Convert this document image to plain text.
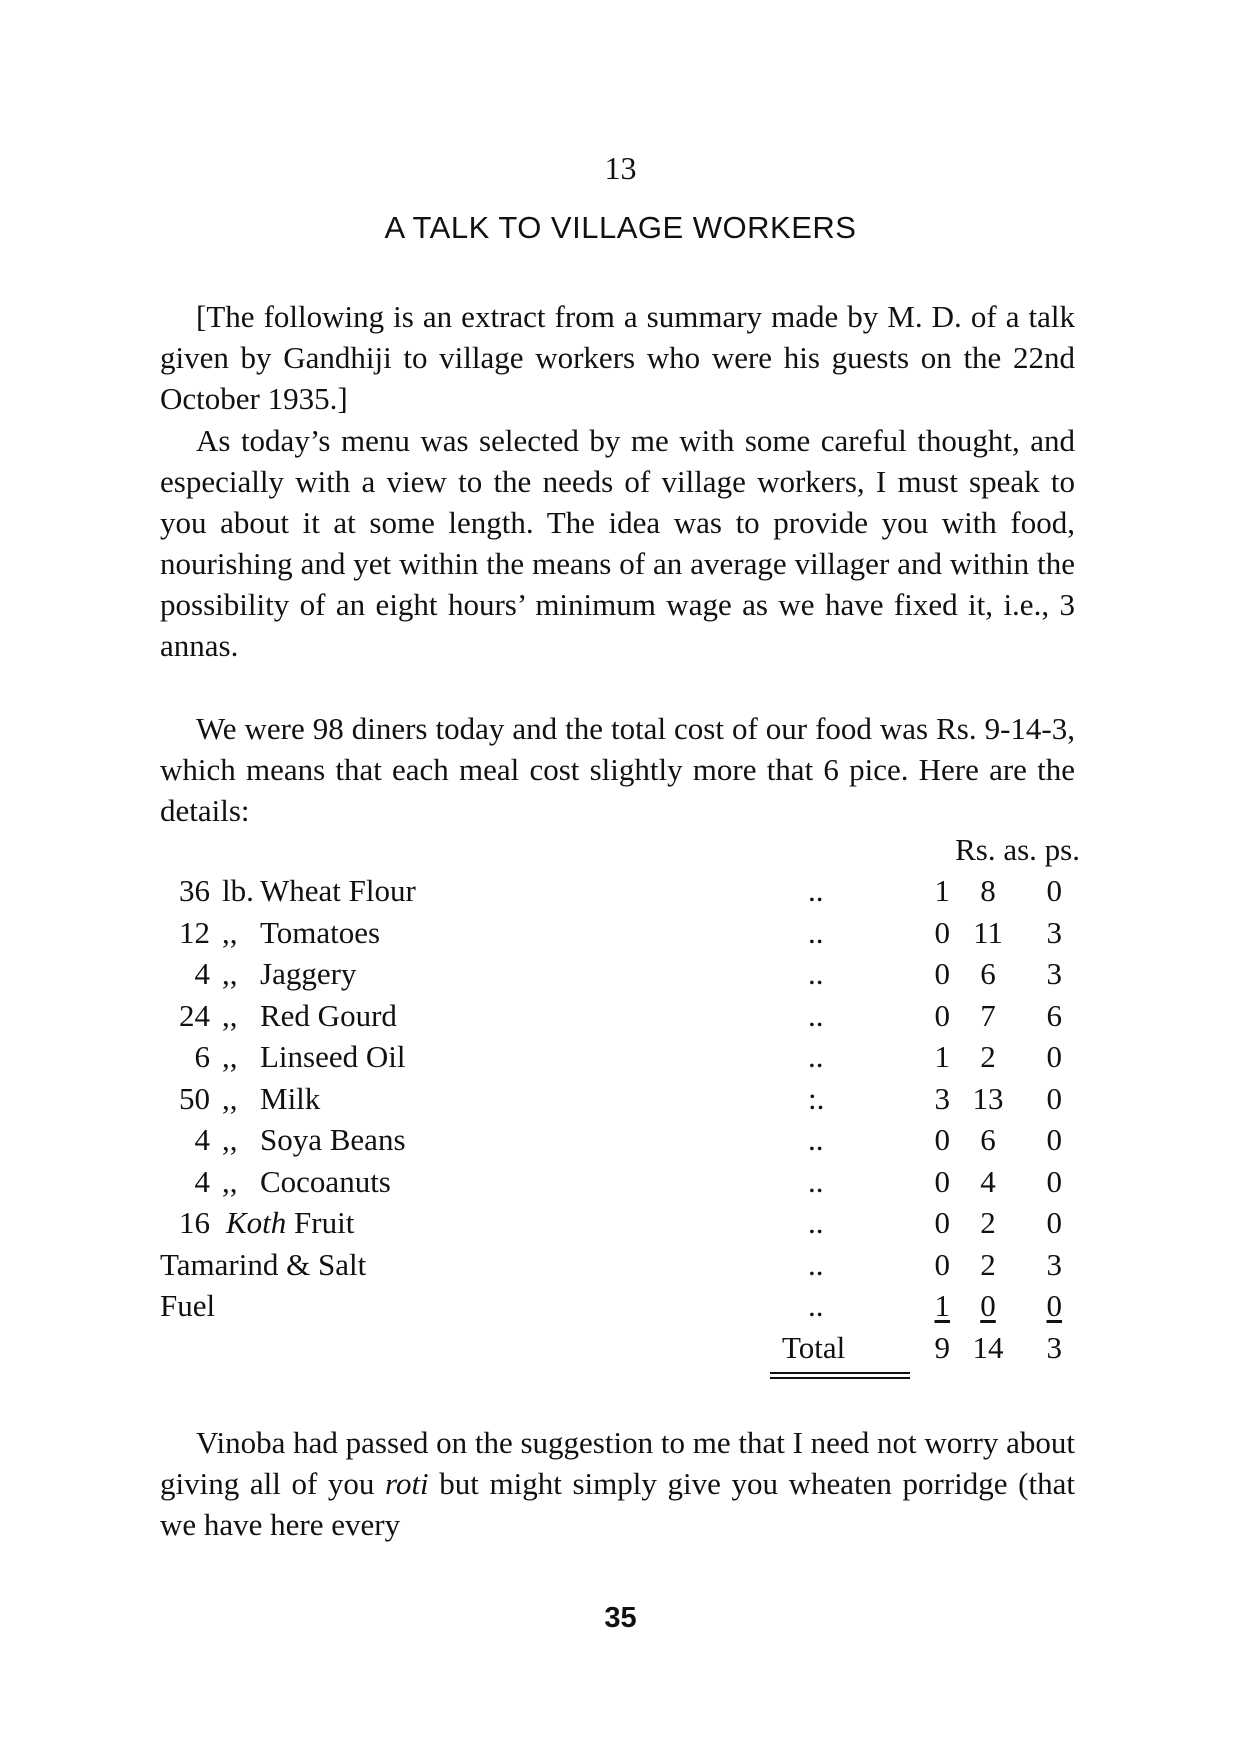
13
A TALK TO VILLAGE WORKERS

[The following is an extract from a summary made by M. D. of a talk given by Gandhiji to village workers who were his guests on the 22nd October 1935.]

As today’s menu was selected by me with some careful thought, and especially with a view to the needs of village workers, I must speak to you about it at some length. The idea was to provide you with food, nourishing and yet within the means of an average villager and within the possibility of an eight hours’ minimum wage as we have fixed it, i.e., 3 annas.

We were 98 diners today and the total cost of our food was Rs. 9-14-3, which means that each meal cost slightly more that 6 pice. Here are the details:

Rs. as. ps.
36 lb. Wheat Flour	..	1 8	0
12 ,, Tomatoes	..	0 11	3
4 ,, Jaggery	..	0 6	3
24 ,, Red Gourd	..	0 7	6
6 ,, Linseed Oil	..	1 2	0
50 ,, Milk	:.	3 13	0
4 ,, Soya Beans	..	0 6	0
4 ,, Cocoanuts	..	0 4	0
16 Koth Fruit	..	0 2	0
Tamarind & Salt	..	0 2	3
Fuel	..	1 0	0
Total	9 14	3

Vinoba had passed on the suggestion to me that I need not worry about giving all of you roti but might simply give you wheaten porridge (that we have here every

35
